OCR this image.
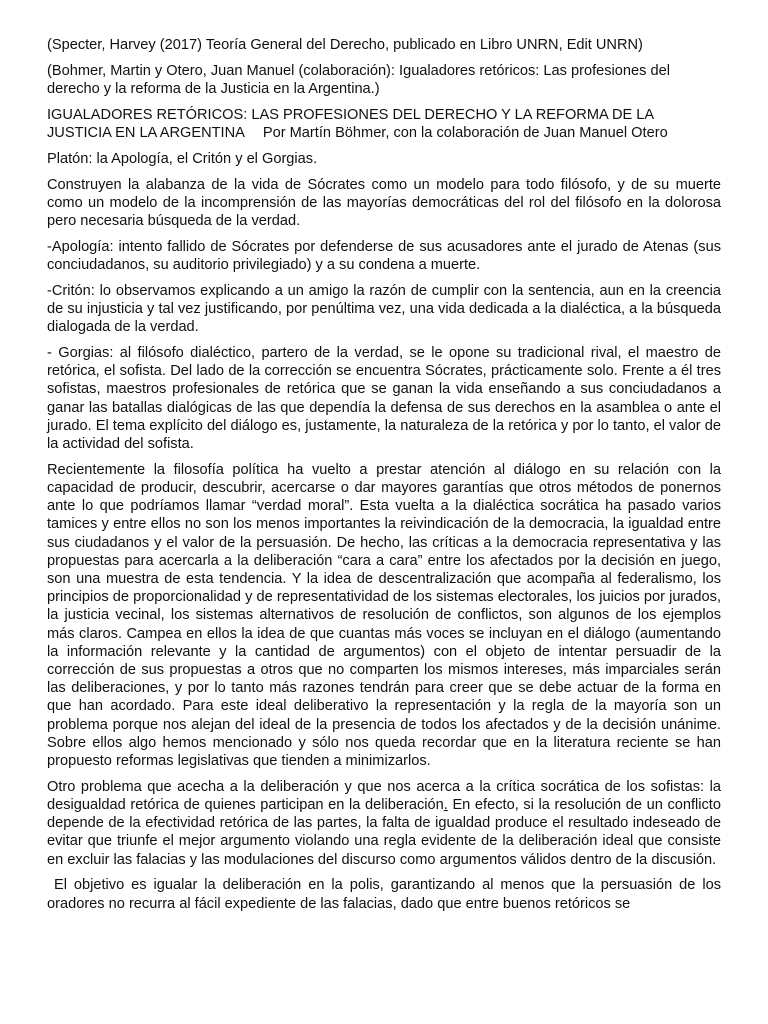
(Specter, Harvey (2017) Teoría General del Derecho, publicado en Libro UNRN, Edit UNRN)

(Bohmer, Martin y Otero, Juan Manuel (colaboración): Igualadores retóricos: Las profesiones del derecho y la reforma de la Justicia en la Argentina.)

IGUALADORES RETÓRICOS: LAS PROFESIONES DEL DERECHO Y LA REFORMA DE LA JUSTICIA EN LA ARGENTINA Por Martín Böhmer, con la colaboración de Juan Manuel Otero

Platón: la Apología, el Critón y el Gorgias.

Construyen la alabanza de la vida de Sócrates como un modelo para todo filósofo, y de su muerte como un modelo de la incomprensión de las mayorías democráticas del rol del filósofo en la dolorosa pero necesaria búsqueda de la verdad.

-Apología: intento fallido de Sócrates por defenderse de sus acusadores ante el jurado de Atenas (sus conciudadanos, su auditorio privilegiado) y a su condena a muerte.

-Critón: lo observamos explicando a un amigo la razón de cumplir con la sentencia, aun en la creencia de su injusticia y tal vez justificando, por penúltima vez, una vida dedicada a la dialéctica, a la búsqueda dialogada de la verdad.

- Gorgias: al filósofo dialéctico, partero de la verdad, se le opone su tradicional rival, el maestro de retórica, el sofista. Del lado de la corrección se encuentra Sócrates, prácticamente solo. Frente a él tres sofistas, maestros profesionales de retórica que se ganan la vida enseñando a sus conciudadanos a ganar las batallas dialógicas de las que dependía la defensa de sus derechos en la asamblea o ante el jurado. El tema explícito del diálogo es, justamente, la naturaleza de la retórica y por lo tanto, el valor de la actividad del sofista.

Recientemente la filosofía política ha vuelto a prestar atención al diálogo en su relación con la capacidad de producir, descubrir, acercarse o dar mayores garantías que otros métodos de ponernos ante lo que podríamos llamar “verdad moral”. Esta vuelta a la dialéctica socrática ha pasado varios tamices y entre ellos no son los menos importantes la reivindicación de la democracia, la igualdad entre sus ciudadanos y el valor de la persuasión. De hecho, las críticas a la democracia representativa y las propuestas para acercarla a la deliberación “cara a cara” entre los afectados por la decisión en juego, son una muestra de esta tendencia. Y la idea de descentralización que acompaña al federalismo, los principios de proporcionalidad y de representatividad de los sistemas electorales, los juicios por jurados, la justicia vecinal, los sistemas alternativos de resolución de conflictos, son algunos de los ejemplos más claros. Campea en ellos la idea de que cuantas más voces se incluyan en el diálogo (aumentando la información relevante y la cantidad de argumentos) con el objeto de intentar persuadir de la corrección de sus propuestas a otros que no comparten los mismos intereses, más imparciales serán las deliberaciones, y por lo tanto más razones tendrán para creer que se debe actuar de la forma en que han acordado. Para este ideal deliberativo la representación y la regla de la mayoría son un problema porque nos alejan del ideal de la presencia de todos los afectados y de la decisión unánime. Sobre ellos algo hemos mencionado y sólo nos queda recordar que en la literatura reciente se han propuesto reformas legislativas que tienden a minimizarlos.

Otro problema que acecha a la deliberación y que nos acerca a la crítica socrática de los sofistas: la desigualdad retórica de quienes participan en la deliberación. En efecto, si la resolución de un conflicto depende de la efectividad retórica de las partes, la falta de igualdad produce el resultado indeseado de evitar que triunfe el mejor argumento violando una regla evidente de la deliberación ideal que consiste en excluir las falacias y las modulaciones del discurso como argumentos válidos dentro de la discusión.

El objetivo es igualar la deliberación en la polis, garantizando al menos que la persuasión de los oradores no recurra al fácil expediente de las falacias, dado que entre buenos retóricos se
